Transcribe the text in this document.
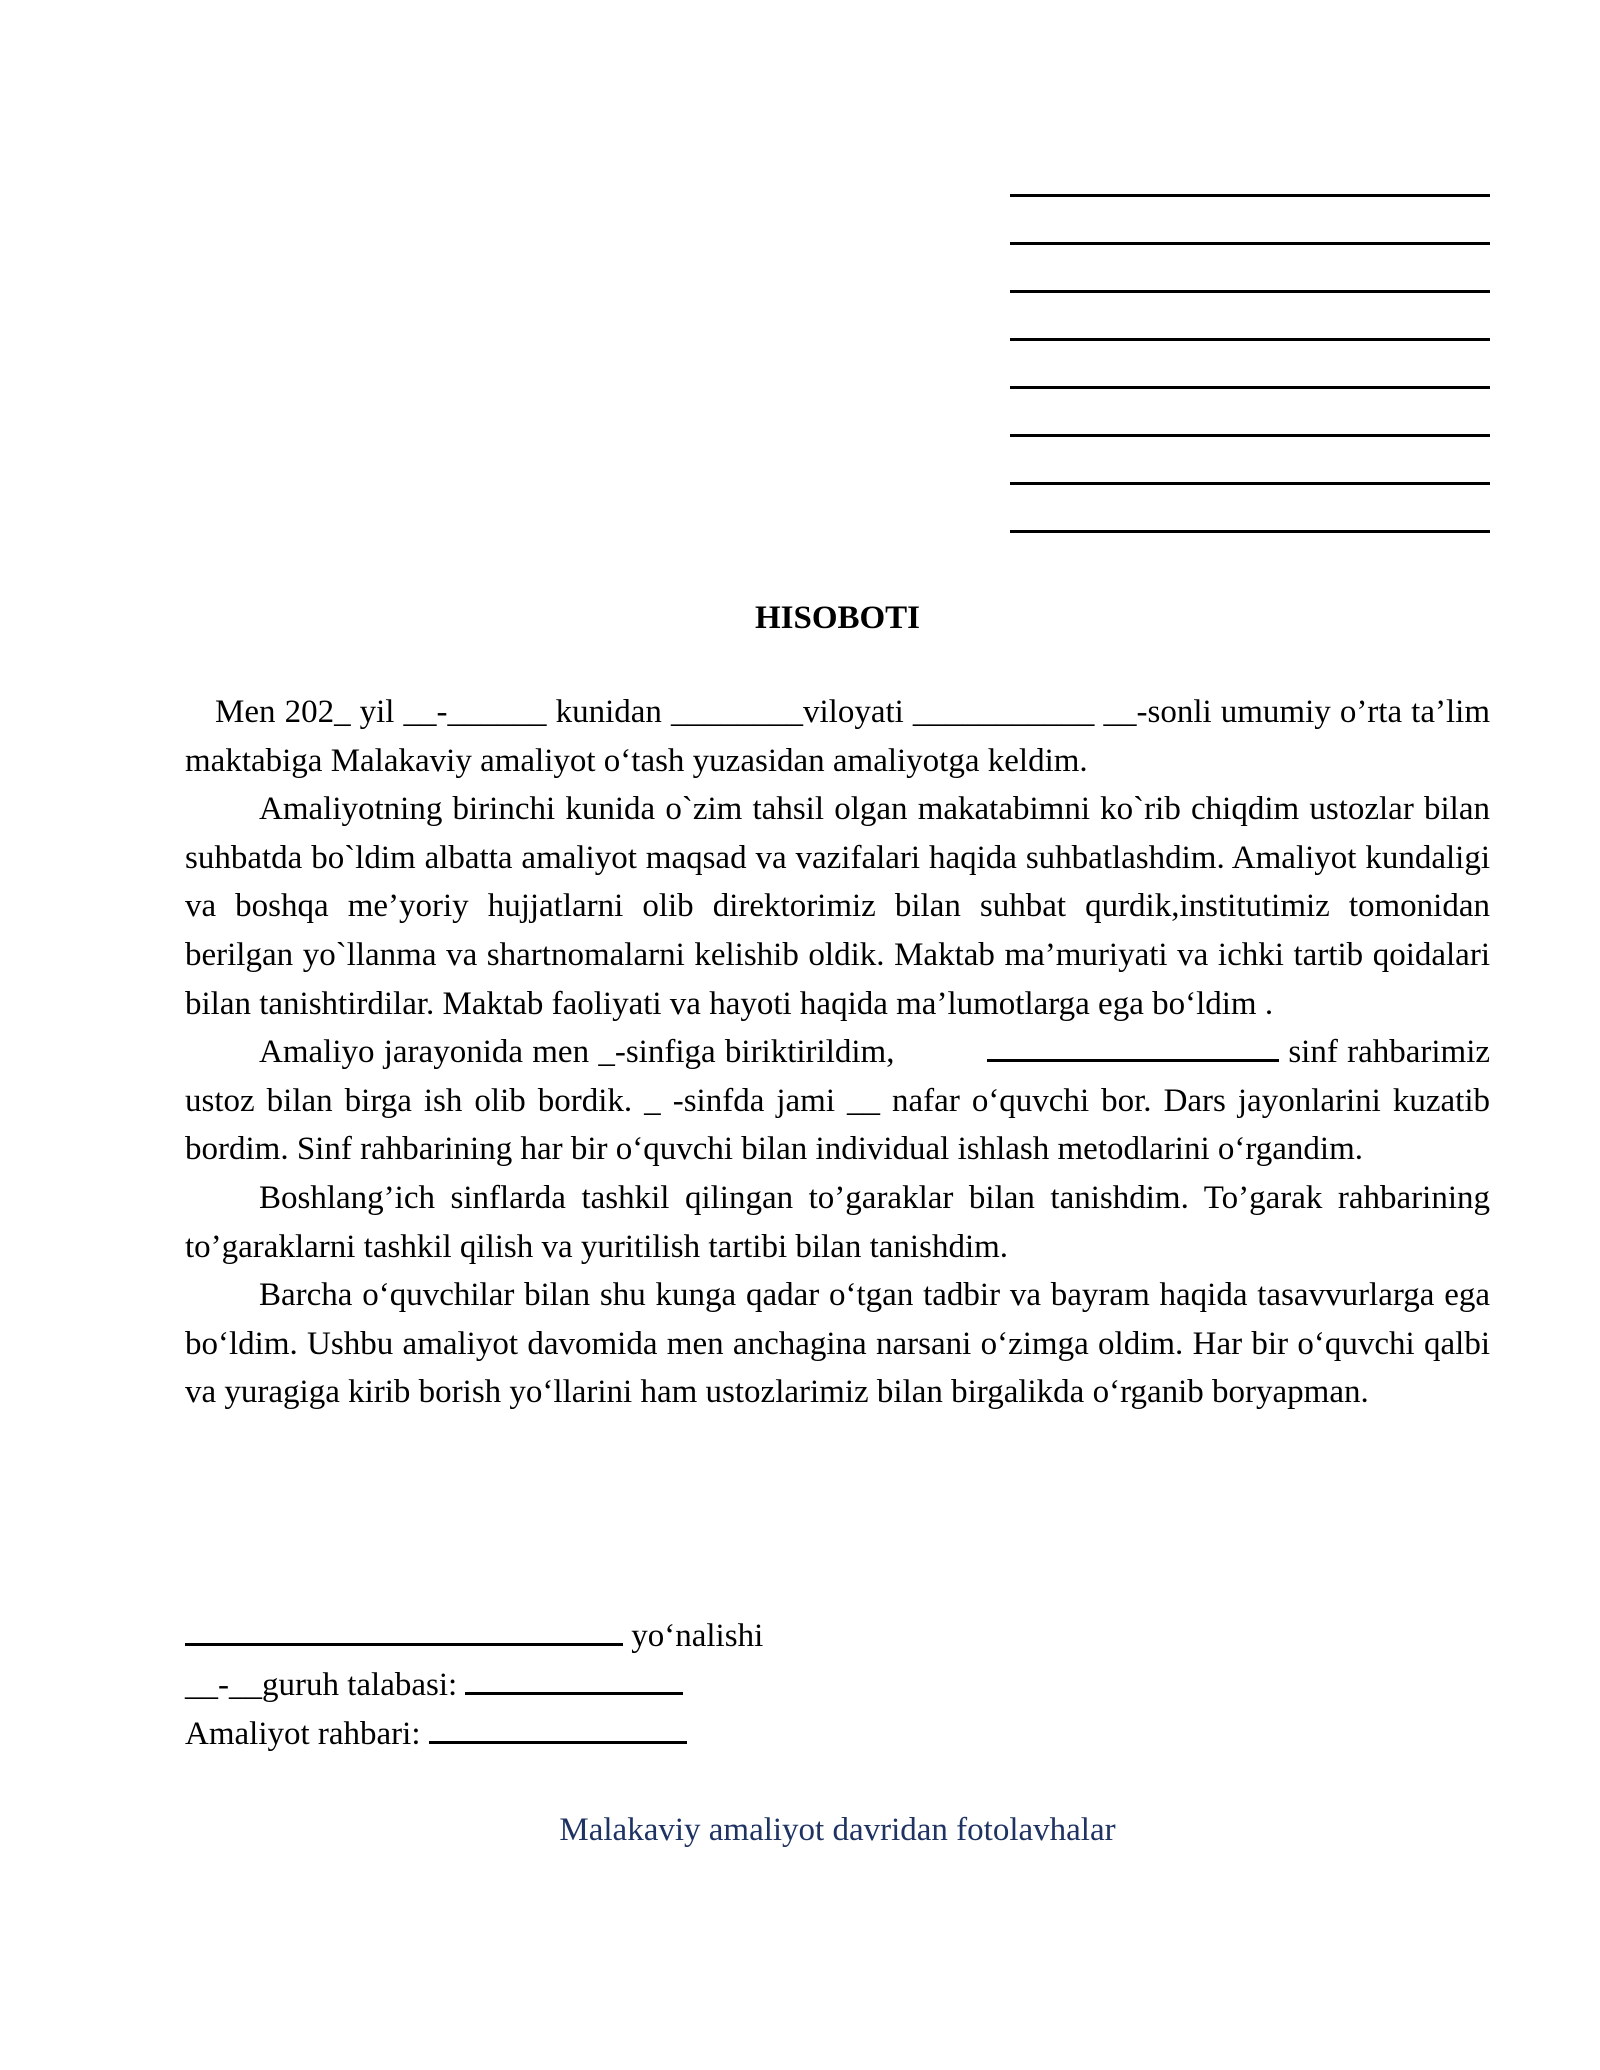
HISOBOTI

Men 202_ yil __-______ kunidan ________viloyati ___________ __-sonli umumiy o’rta ta’lim maktabiga Malakaviy amaliyot o‘tash yuzasidan amaliyotga keldim.

Amaliyotning birinchi kunida o`zim tahsil olgan makatabimni ko`rib chiqdim ustozlar bilan suhbatda bo`ldim albatta amaliyot maqsad va vazifalari haqida suhbatlashdim. Amaliyot kundaligi va boshqa me’yoriy hujjatlarni olib direktorimiz bilan suhbat qurdik,institutimiz tomonidan berilgan yo`llanma va shartnomalarni kelishib oldik. Maktab ma’muriyati va ichki tartib qoidalari bilan tanishtirdilar. Maktab faoliyati va hayoti haqida ma’lumotlarga ega bo‘ldim .

Amaliyo jarayonida men _-sinfiga biriktirildim,	sinf rahbarimiz ustoz bilan birga ish olib bordik. _ -sinfda jami __ nafar o‘quvchi bor. Dars jayonlarini kuzatib bordim. Sinf rahbarining har bir o‘quvchi bilan individual ishlash metodlarini o‘rgandim.

Boshlang’ich sinflarda tashkil qilingan to’garaklar bilan tanishdim. To’garak rahbarining to’garaklarni tashkil qilish va yuritilish tartibi bilan tanishdim.

Barcha o‘quvchilar bilan shu kunga qadar o‘tgan tadbir va bayram haqida tasavvurlarga ega bo‘ldim. Ushbu amaliyot davomida men anchagina narsani o‘zimga oldim. Har bir o‘quvchi qalbi va yuragiga kirib borish yo‘llarini ham ustozlarimiz bilan birgalikda o‘rganib boryapman.

yo‘nalishi

__-__guruh talabasi:

Amaliyot rahbari:

Malakaviy amaliyot davridan fotolavhalar
